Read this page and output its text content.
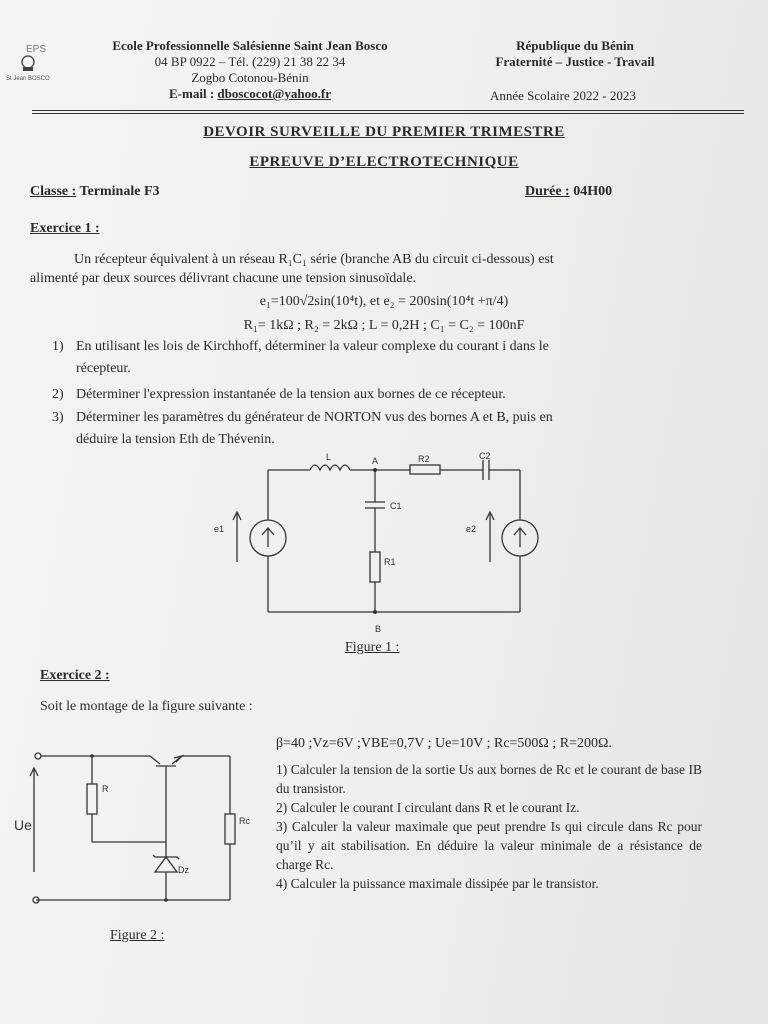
EPS
St Jean BOSCO
Ecole Professionnelle Salésienne Saint Jean Bosco
04 BP 0922 – Tél. (229) 21 38 22 34
Zogbo Cotonou-Bénin
E-mail : dboscocot@yahoo.fr
République du Bénin
Fraternité – Justice - Travail
Année Scolaire 2022 - 2023
DEVOIR SURVEILLE DU PREMIER TRIMESTRE
EPREUVE D’ELECTROTECHNIQUE
Classe : Terminale F3	Durée : 04H00
Exercice 1 :
Un récepteur équivalent à un réseau R₁C₁ série (branche AB du circuit ci-dessous) est
alimenté par deux sources délivrant chacune une tension sinusoïdale.
e₁=100√2sin(10⁴t), et e₂ = 200sin(10⁴t +π/4)
R₁= 1kΩ ; R₂ = 2kΩ ; L = 0,2H ; C₁ = C₂ = 100nF
1) En utilisant les lois de Kirchhoff, déterminer la valeur complexe du courant i dans le
récepteur.
2) Déterminer l'expression instantanée de la tension aux bornes de ce récepteur.
3) Déterminer les paramètres du générateur de NORTON vus des bornes A et B, puis en
déduire la tension Eth de Thévenin.
L	A	R2	C2
C1
R1
e1	e2
B
Figure 1 :
Exercice 2 :
Soit le montage de la figure suivante :
β=40 ;Vz=6V ;VBE=0,7V ; Ue=10V ; Rc=500Ω ; R=200Ω.
1) Calculer la tension de la sortie Us aux bornes de Rc et le courant de base IB du transistor.
2) Calculer le courant I circulant dans R et le courant Iz.
3) Calculer la valeur maximale que peut prendre Is qui circule dans Rc pour qu’il y ait stabilisation. En déduire la valeur minimale de a résistance de charge Rc.
4) Calculer la puissance maximale dissipée par le transistor.
R
Rc
Dz
Ue
Figure 2 :
